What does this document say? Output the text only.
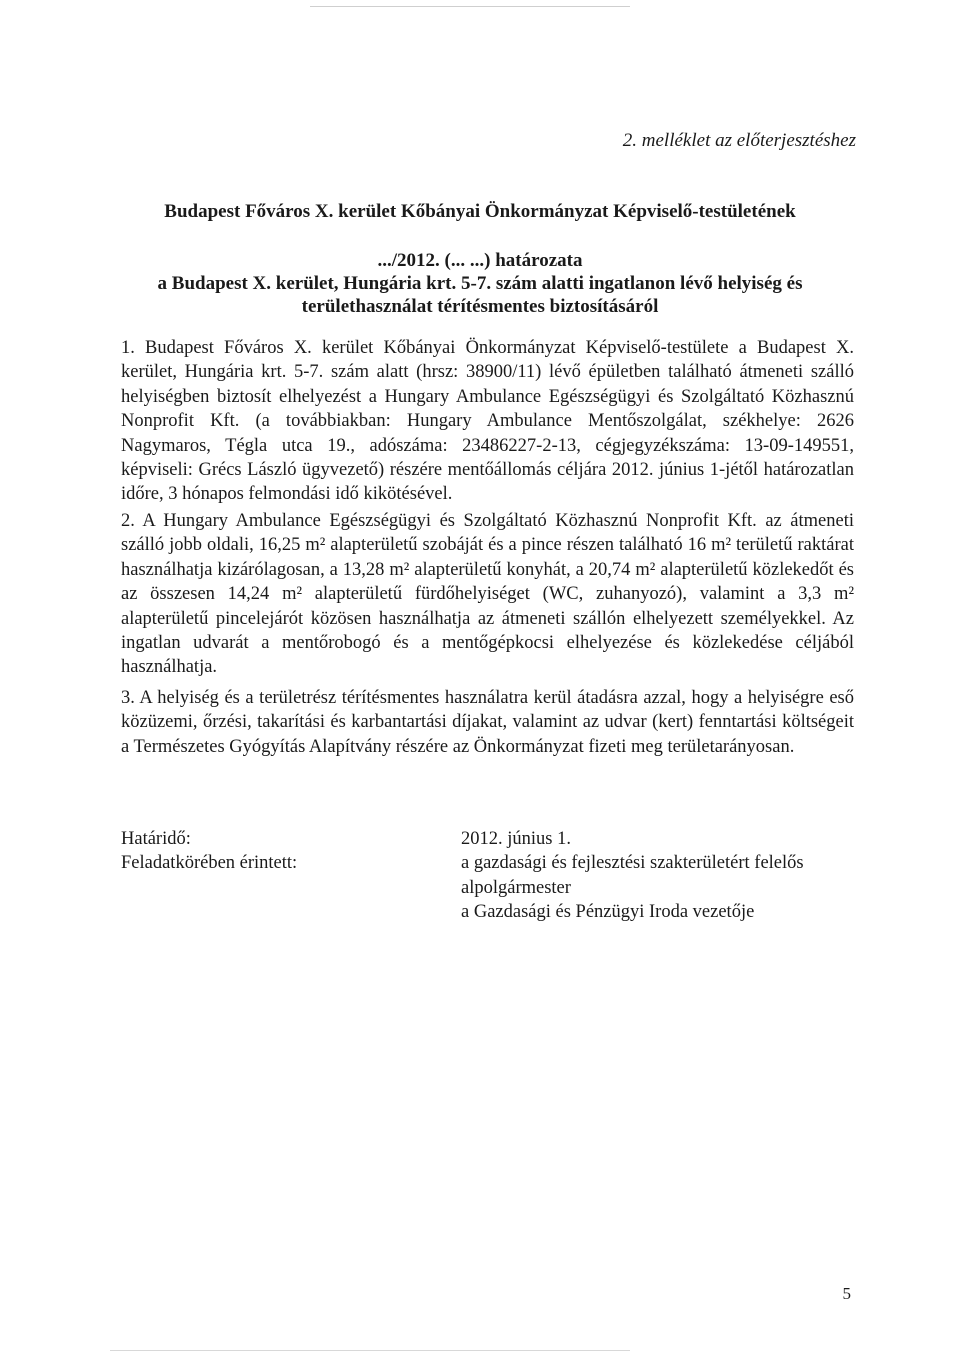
2. melléklet az előterjesztéshez
Budapest Főváros X. kerület Kőbányai Önkormányzat Képviselő-testületének
.../2012. (... ...) határozata
a Budapest X. kerület, Hungária krt. 5-7. szám alatti ingatlanon lévő helyiség és
területhasználat térítésmentes biztosításáról
1. Budapest Főváros X. kerület Kőbányai Önkormányzat Képviselő-testülete a Budapest X. kerület, Hungária krt. 5-7. szám alatt (hrsz: 38900/11) lévő épületben található átmeneti szálló helyiségben biztosít elhelyezést a Hungary Ambulance Egészségügyi és Szolgáltató Közhasznú Nonprofit Kft. (a továbbiakban: Hungary Ambulance Mentőszolgálat, székhelye: 2626 Nagymaros, Tégla utca 19., adószáma: 23486227-2-13, cégjegyzékszáma: 13-09-149551, képviseli: Grécs László ügyvezető) részére mentőállomás céljára 2012. június 1-jétől határozatlan időre, 3 hónapos felmondási idő kikötésével.
2. A Hungary Ambulance Egészségügyi és Szolgáltató Közhasznú Nonprofit Kft. az átmeneti szálló jobb oldali, 16,25 m² alapterületű szobáját és a pince részen található 16 m² területű raktárat használhatja kizárólagosan, a 13,28 m² alapterületű konyhát, a 20,74 m² alapterületű közlekedőt és az összesen 14,24 m² alapterületű fürdőhelyiséget (WC, zuhanyozó), valamint a 3,3 m² alapterületű pincelejárót közösen használhatja az átmeneti szállón elhelyezett személyekkel. Az ingatlan udvarát a mentőrobogó és a mentőgépkocsi elhelyezése és közlekedése céljából használhatja.
3. A helyiség és a területrész térítésmentes használatra kerül átadásra azzal, hogy a helyiségre eső közüzemi, őrzési, takarítási és karbantartási díjakat, valamint az udvar (kert) fenntartási költségeit a Természetes Gyógyítás Alapítvány részére az Önkormányzat fizeti meg területarányosan.
Határidő:	2012. június 1.
Feladatkörében érintett:	a gazdasági és fejlesztési szakterületért felelős
alpolgármester
a Gazdasági és Pénzügyi Iroda vezetője
5
